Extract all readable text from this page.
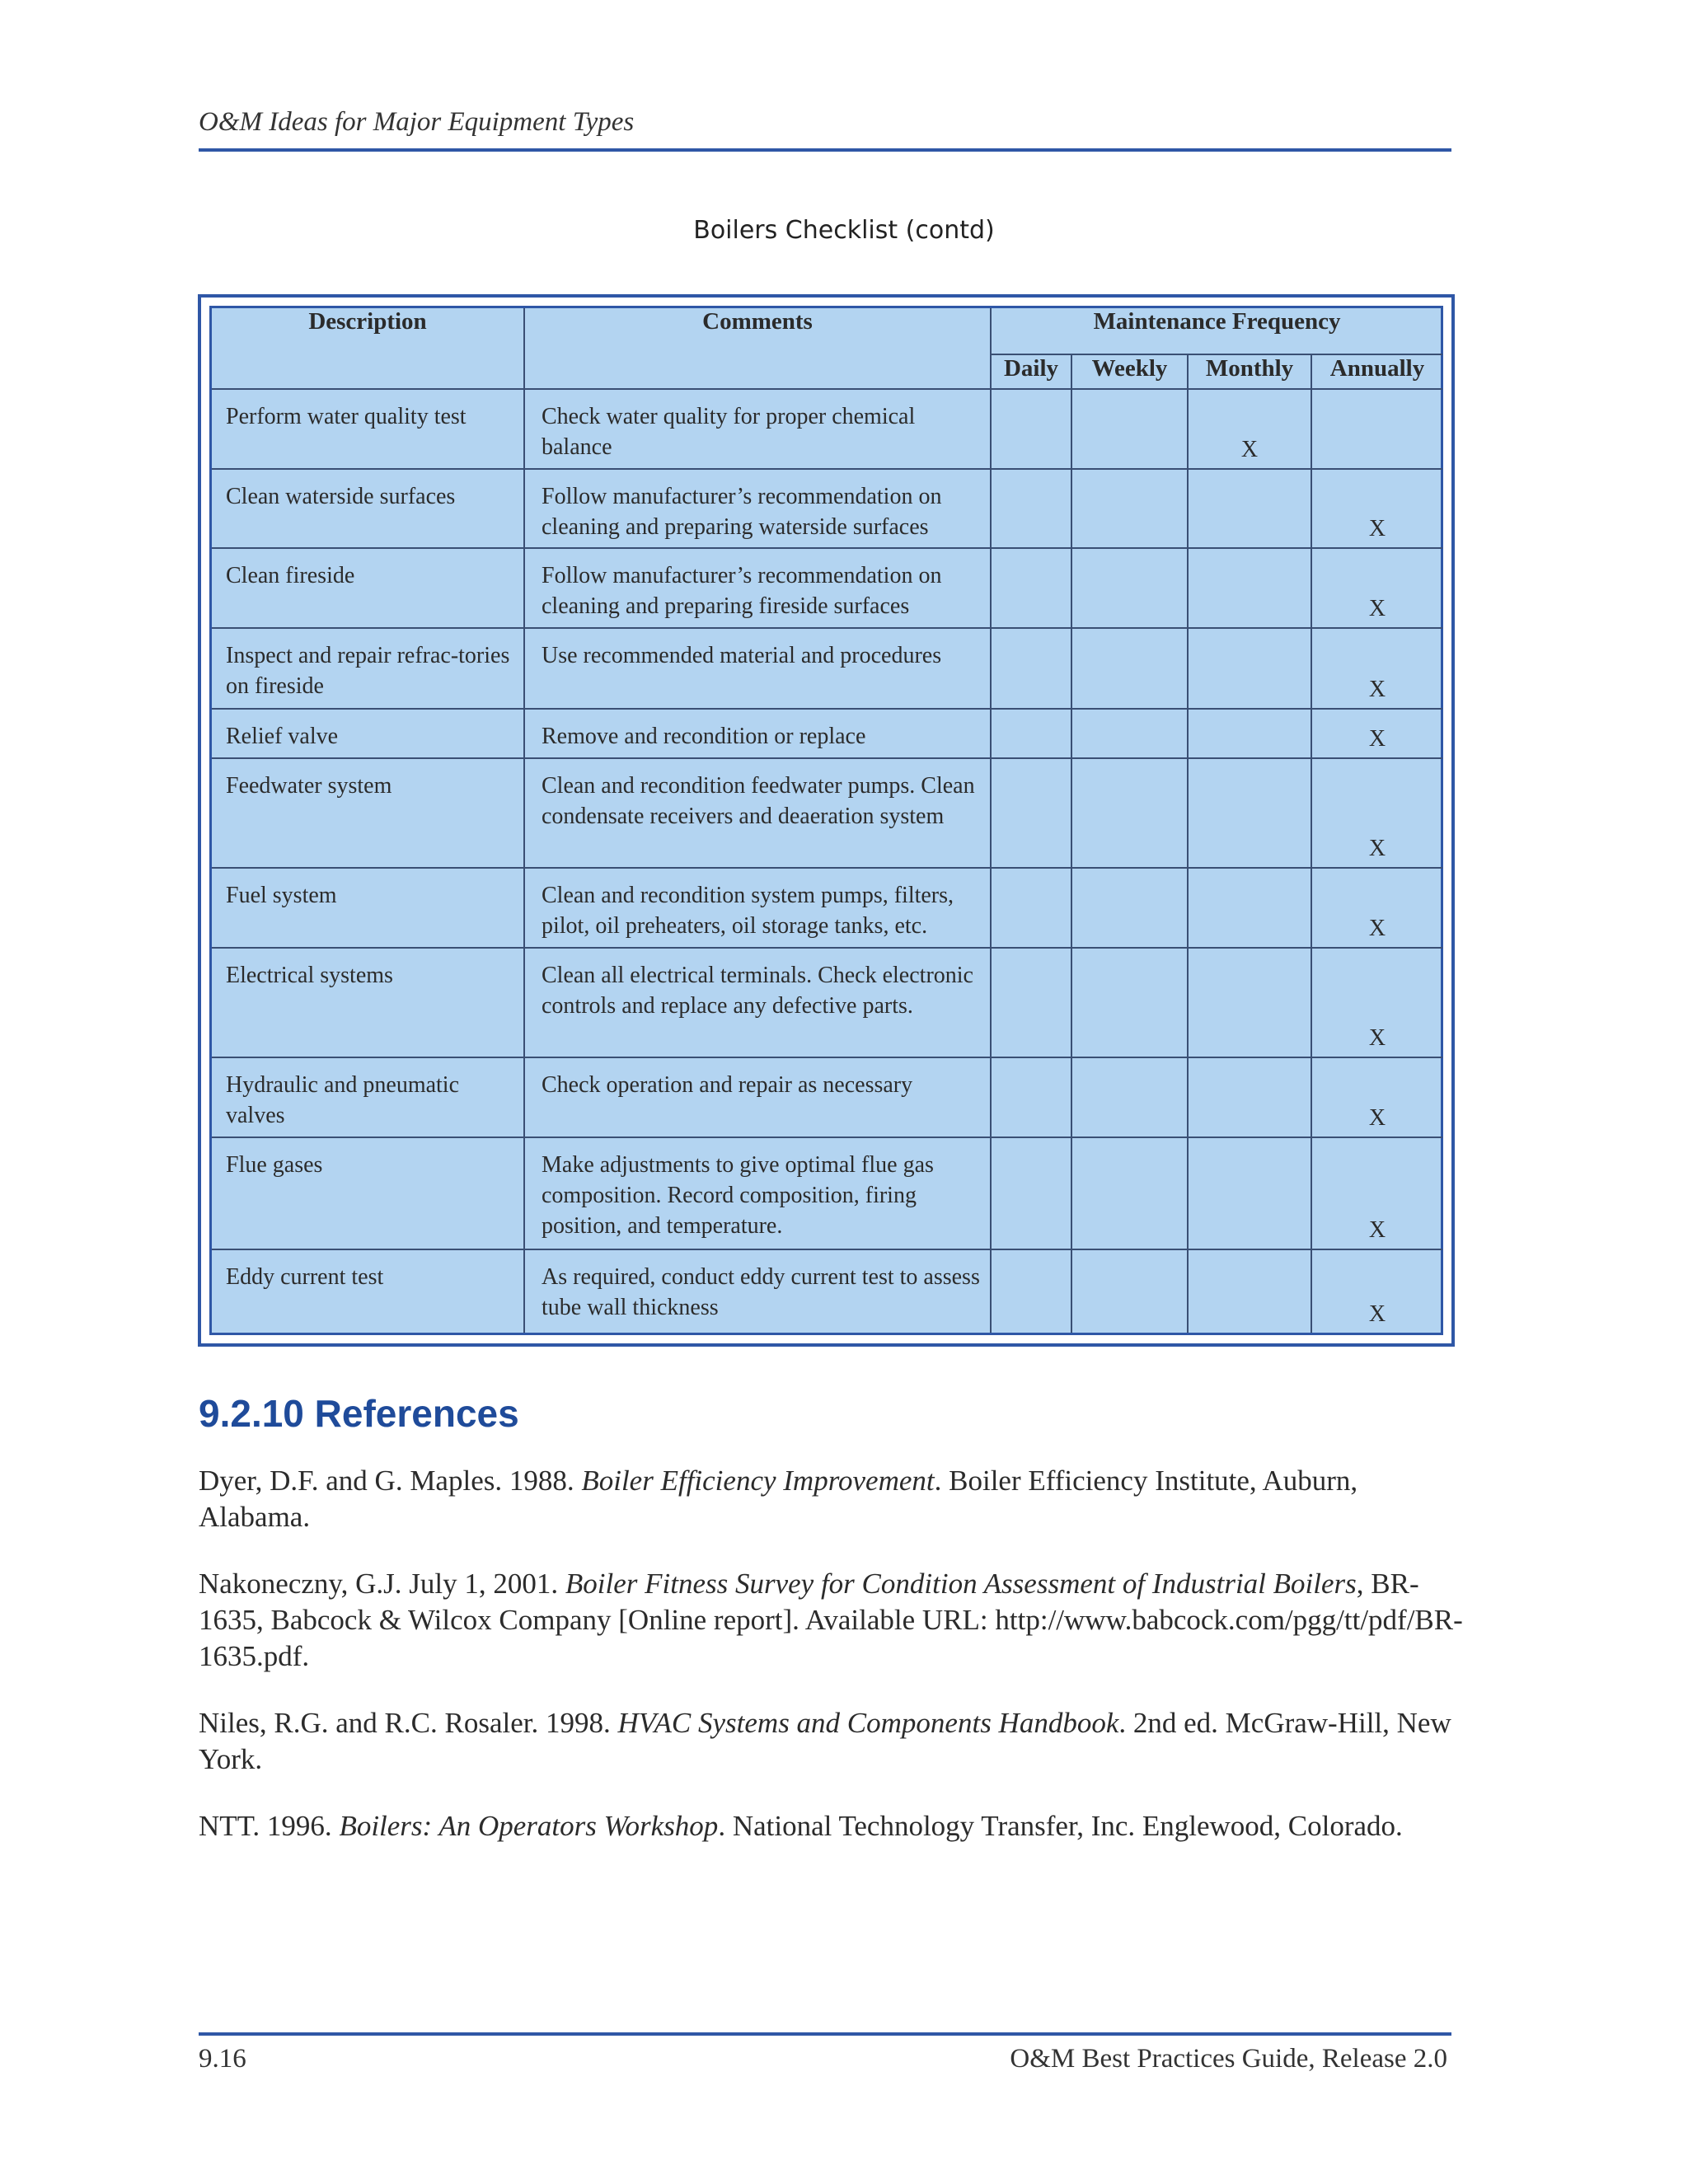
O&M Ideas for Major Equipment Types
Boilers Checklist (contd)
Description	Comments	Maintenance Frequency			
		Daily	Weekly	Monthly	Annually
Perform water quality test	Check water quality for proper chemical balance			X	
Clean waterside surfaces	Follow manufacturer’s recommendation on cleaning and preparing waterside surfaces				X
Clean fireside	Follow manufacturer’s recommendation on cleaning and preparing fireside surfaces				X
Inspect and repair refrac-tories on fireside	Use recommended material and procedures				X
Relief valve	Remove and recondition or replace				X
Feedwater system	Clean and recondition feedwater pumps. Clean condensate receivers and deaeration system				X
Fuel system	Clean and recondition system pumps, filters, pilot, oil preheaters, oil storage tanks, etc.				X
Electrical systems	Clean all electrical terminals. Check electronic controls and replace any defective parts.				X
Hydraulic and pneumatic valves	Check operation and repair as necessary				X
Flue gases	Make adjustments to give optimal flue gas composition. Record composition, firing position, and temperature.				X
Eddy current test	As required, conduct eddy current test to assess tube wall thickness				X
9.2.10 References

Dyer, D.F. and G. Maples. 1988. Boiler Efficiency Improvement. Boiler Efficiency Institute, Auburn, Alabama.

Nakoneczny, G.J. July 1, 2001. Boiler Fitness Survey for Condition Assessment of Industrial Boilers, BR-1635, Babcock & Wilcox Company [Online report]. Available URL: http://www.babcock.com/pgg/tt/pdf/BR-1635.pdf.

Niles, R.G. and R.C. Rosaler. 1998. HVAC Systems and Components Handbook. 2nd ed. McGraw-Hill, New York.

NTT. 1996. Boilers: An Operators Workshop. National Technology Transfer, Inc. Englewood, Colorado.

9.16	O&M Best Practices Guide, Release 2.0
